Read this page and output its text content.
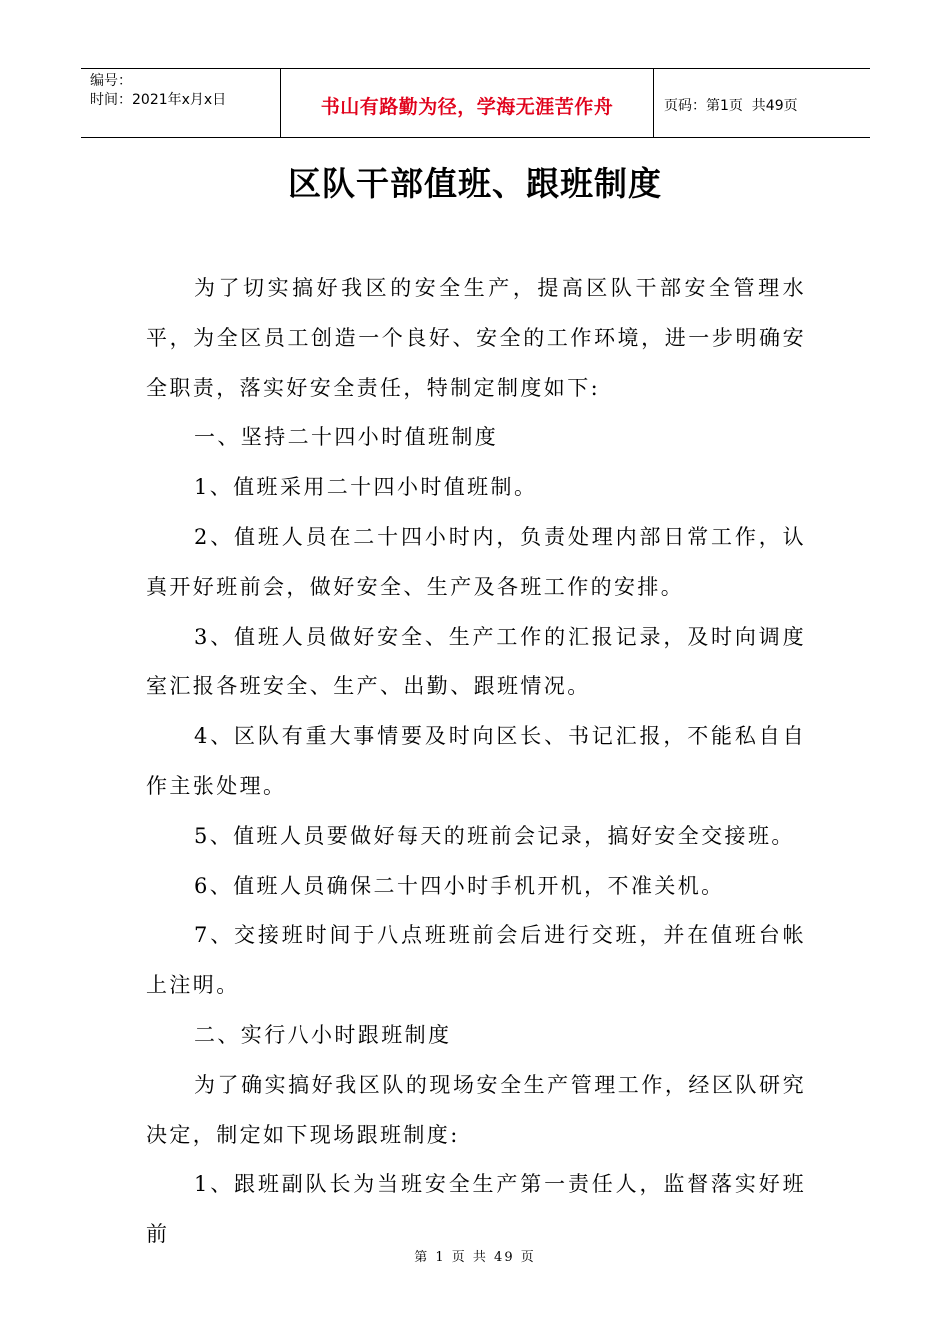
编号：
时间：2021年x月x日	书山有路勤为径，学海无涯苦作舟	页码：第1页  共49页
区队干部值班、跟班制度

为了切实搞好我区的安全生产，提高区队干部安全管理水平，为全区员工创造一个良好、安全的工作环境，进一步明确安全职责，落实好安全责任，特制定制度如下:

一、坚持二十四小时值班制度

1、值班采用二十四小时值班制。

2、值班人员在二十四小时内，负责处理内部日常工作，认真开好班前会，做好安全、生产及各班工作的安排。

3、值班人员做好安全、生产工作的汇报记录，及时向调度室汇报各班安全、生产、出勤、跟班情况。

4、区队有重大事情要及时向区长、书记汇报，不能私自自作主张处理。

5、值班人员要做好每天的班前会记录，搞好安全交接班。

6、值班人员确保二十四小时手机开机，不准关机。

7、交接班时间于八点班班前会后进行交班，并在值班台帐上注明。

二、实行八小时跟班制度

为了确实搞好我区队的现场安全生产管理工作，经区队研究决定，制定如下现场跟班制度:

1、跟班副队长为当班安全生产第一责任人，监督落实好班前

第 1 页 共 49 页
